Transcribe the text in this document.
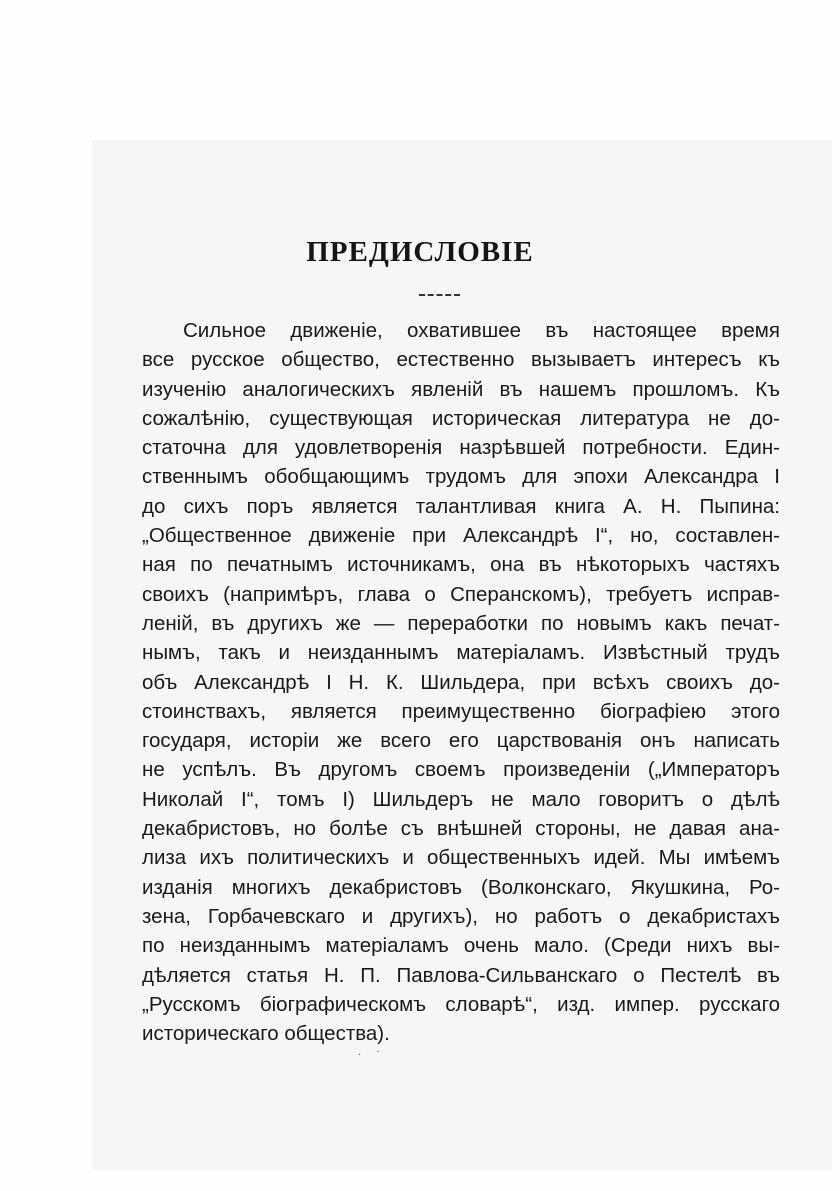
ПРЕДИСЛОВІЕ
Сильное движеніе, охватившее въ настоящее время
все русское общество, естественно вызываетъ интересъ къ
изученію аналогическихъ явленій въ нашемъ прошломъ. Къ
сожалѣнію, существующая историческая литература не до-
статочна для удовлетворенія назрѣвшей потребности. Един-
ственнымъ обобщающимъ трудомъ для эпохи Александра I
до сихъ поръ является талантливая книга А. Н. Пыпина:
„Общественное движеніе при Александрѣ I“, но, составлен-
ная по печатнымъ источникамъ, она въ нѣкоторыхъ частяхъ
своихъ (напримѣръ, глава о Сперанскомъ), требуетъ исправ-
леній, въ другихъ же — переработки по новымъ какъ печат-
нымъ, такъ и неизданнымъ матеріаламъ. Извѣстный трудъ
объ Александрѣ I Н. К. Шильдера, при всѣхъ своихъ до-
стоинствахъ, является преимущественно біографіею этого
государя, исторіи же всего его царствованія онъ написать
не успѣлъ. Въ другомъ своемъ произведеніи („Императоръ
Николай I“, томъ I) Шильдеръ не мало говоритъ о дѣлѣ
декабристовъ, но болѣе съ внѣшней стороны, не давая ана-
лиза ихъ политическихъ и общественныхъ идей. Мы имѣемъ
изданія многихъ декабристовъ (Волконскаго, Якушкина, Ро-
зена, Горбачевскаго и другихъ), но работъ о декабристахъ
по неизданнымъ матеріаламъ очень мало. (Среди нихъ вы-
дѣляется статья Н. П. Павлова-Сильванскаго о Пестелѣ въ
„Русскомъ біографическомъ словарѣ“, изд. импер. русскаго
историческаго общества).
. ·
